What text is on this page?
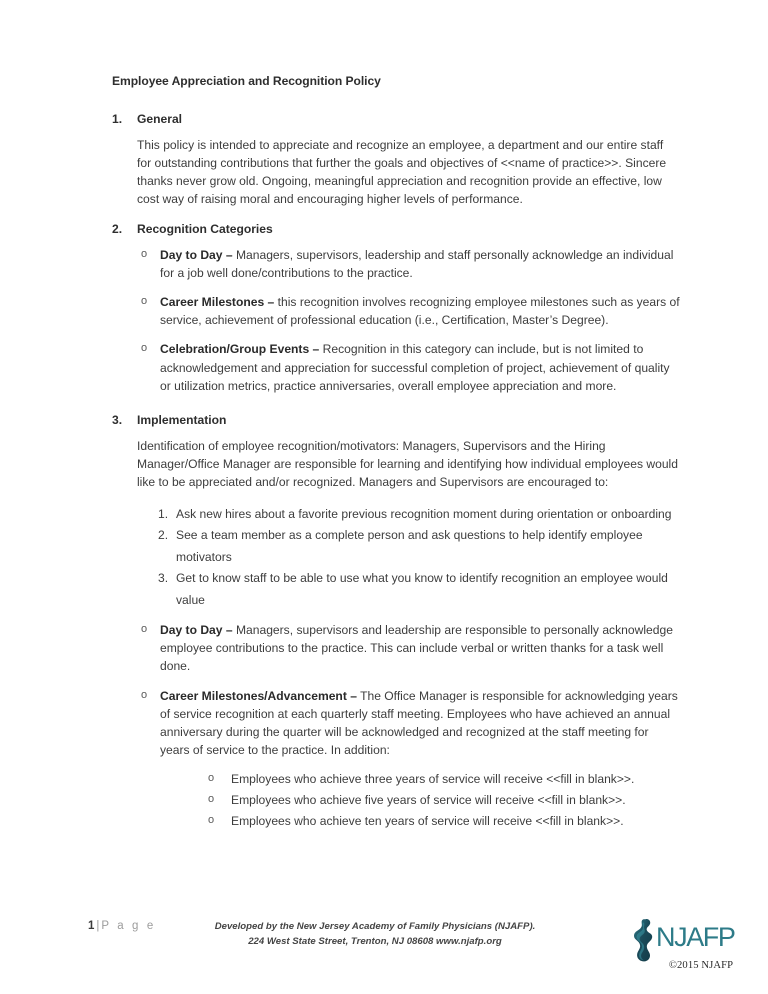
Employee Appreciation and Recognition Policy
1. General

This policy is intended to appreciate and recognize an employee, a department and our entire staff for outstanding contributions that further the goals and objectives of <<name of practice>>. Sincere thanks never grow old. Ongoing, meaningful appreciation and recognition provide an effective, low cost way of raising moral and encouraging higher levels of performance.

2. Recognition Categories
o Day to Day – Managers, supervisors, leadership and staff personally acknowledge an individual for a job well done/contributions to the practice.
o Career Milestones – this recognition involves recognizing employee milestones such as years of service, achievement of professional education (i.e., Certification, Master’s Degree).
o Celebration/Group Events – Recognition in this category can include, but is not limited to acknowledgement and appreciation for successful completion of project, achievement of quality or utilization metrics, practice anniversaries, overall employee appreciation and more.
3. Implementation

Identification of employee recognition/motivators: Managers, Supervisors and the Hiring Manager/Office Manager are responsible for learning and identifying how individual employees would like to be appreciated and/or recognized. Managers and Supervisors are encouraged to:

1. Ask new hires about a favorite previous recognition moment during orientation or onboarding
2. See a team member as a complete person and ask questions to help identify employee motivators
3. Get to know staff to be able to use what you know to identify recognition an employee would value
o Day to Day – Managers, supervisors and leadership are responsible to personally acknowledge employee contributions to the practice. This can include verbal or written thanks for a task well done.
o Career Milestones/Advancement – The Office Manager is responsible for acknowledging years of service recognition at each quarterly staff meeting. Employees who have achieved an annual anniversary during the quarter will be acknowledged and recognized at the staff meeting for years of service to the practice. In addition:
o Employees who achieve three years of service will receive <<fill in blank>>.
o Employees who achieve five years of service will receive <<fill in blank>>.
o Employees who achieve ten years of service will receive <<fill in blank>>.
1 | P a g e	Developed by the New Jersey Academy of Family Physicians (NJAFP).
224 West State Street, Trenton, NJ 08608 www.njafp.org	NJAFP
©2015 NJAFP
